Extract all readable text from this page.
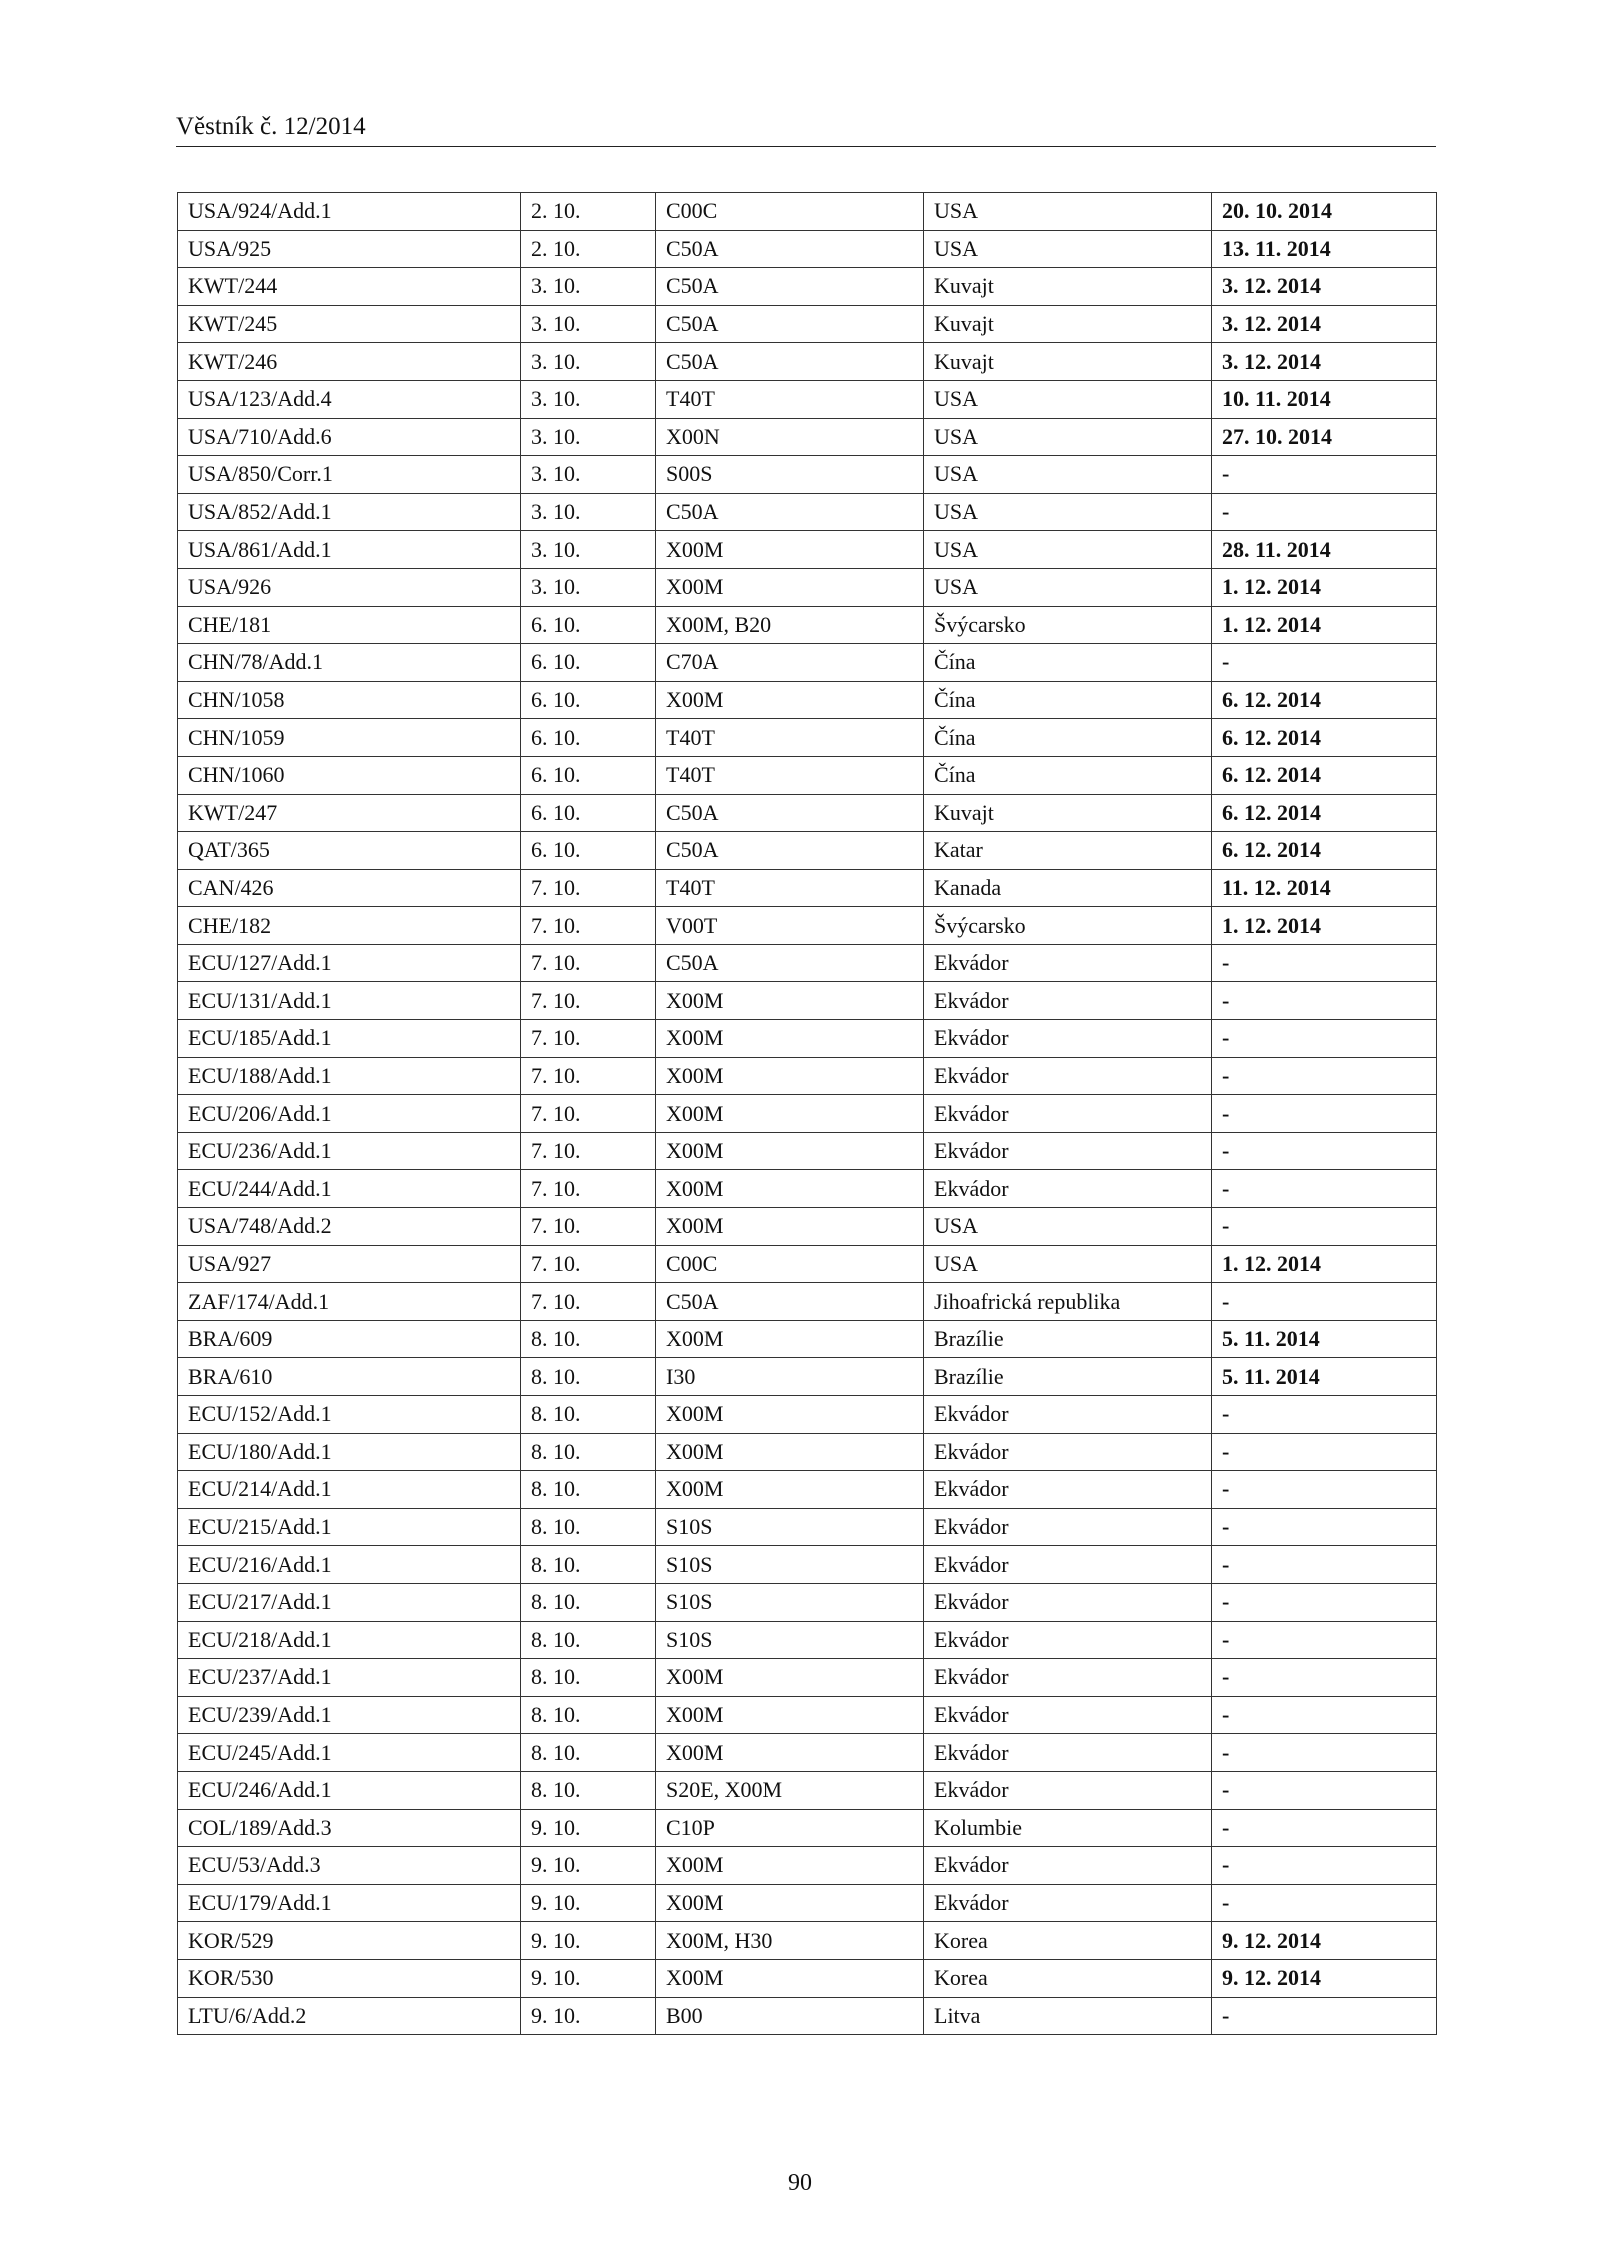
Věstník č. 12/2014
USA/924/Add.1	2. 10.	C00C	USA	20. 10. 2014
USA/925	2. 10.	C50A	USA	13. 11. 2014
KWT/244	3. 10.	C50A	Kuvajt	3. 12. 2014
KWT/245	3. 10.	C50A	Kuvajt	3. 12. 2014
KWT/246	3. 10.	C50A	Kuvajt	3. 12. 2014
USA/123/Add.4	3. 10.	T40T	USA	10. 11. 2014
USA/710/Add.6	3. 10.	X00N	USA	27. 10. 2014
USA/850/Corr.1	3. 10.	S00S	USA	-
USA/852/Add.1	3. 10.	C50A	USA	-
USA/861/Add.1	3. 10.	X00M	USA	28. 11. 2014
USA/926	3. 10.	X00M	USA	1. 12. 2014
CHE/181	6. 10.	X00M, B20	Švýcarsko	1. 12. 2014
CHN/78/Add.1	6. 10.	C70A	Čína	-
CHN/1058	6. 10.	X00M	Čína	6. 12. 2014
CHN/1059	6. 10.	T40T	Čína	6. 12. 2014
CHN/1060	6. 10.	T40T	Čína	6. 12. 2014
KWT/247	6. 10.	C50A	Kuvajt	6. 12. 2014
QAT/365	6. 10.	C50A	Katar	6. 12. 2014
CAN/426	7. 10.	T40T	Kanada	11. 12. 2014
CHE/182	7. 10.	V00T	Švýcarsko	1. 12. 2014
ECU/127/Add.1	7. 10.	C50A	Ekvádor	-
ECU/131/Add.1	7. 10.	X00M	Ekvádor	-
ECU/185/Add.1	7. 10.	X00M	Ekvádor	-
ECU/188/Add.1	7. 10.	X00M	Ekvádor	-
ECU/206/Add.1	7. 10.	X00M	Ekvádor	-
ECU/236/Add.1	7. 10.	X00M	Ekvádor	-
ECU/244/Add.1	7. 10.	X00M	Ekvádor	-
USA/748/Add.2	7. 10.	X00M	USA	-
USA/927	7. 10.	C00C	USA	1. 12. 2014
ZAF/174/Add.1	7. 10.	C50A	Jihoafrická republika	-
BRA/609	8. 10.	X00M	Brazílie	5. 11. 2014
BRA/610	8. 10.	I30	Brazílie	5. 11. 2014
ECU/152/Add.1	8. 10.	X00M	Ekvádor	-
ECU/180/Add.1	8. 10.	X00M	Ekvádor	-
ECU/214/Add.1	8. 10.	X00M	Ekvádor	-
ECU/215/Add.1	8. 10.	S10S	Ekvádor	-
ECU/216/Add.1	8. 10.	S10S	Ekvádor	-
ECU/217/Add.1	8. 10.	S10S	Ekvádor	-
ECU/218/Add.1	8. 10.	S10S	Ekvádor	-
ECU/237/Add.1	8. 10.	X00M	Ekvádor	-
ECU/239/Add.1	8. 10.	X00M	Ekvádor	-
ECU/245/Add.1	8. 10.	X00M	Ekvádor	-
ECU/246/Add.1	8. 10.	S20E, X00M	Ekvádor	-
COL/189/Add.3	9. 10.	C10P	Kolumbie	-
ECU/53/Add.3	9. 10.	X00M	Ekvádor	-
ECU/179/Add.1	9. 10.	X00M	Ekvádor	-
KOR/529	9. 10.	X00M, H30	Korea	9. 12. 2014
KOR/530	9. 10.	X00M	Korea	9. 12. 2014
LTU/6/Add.2	9. 10.	B00	Litva	-
90
